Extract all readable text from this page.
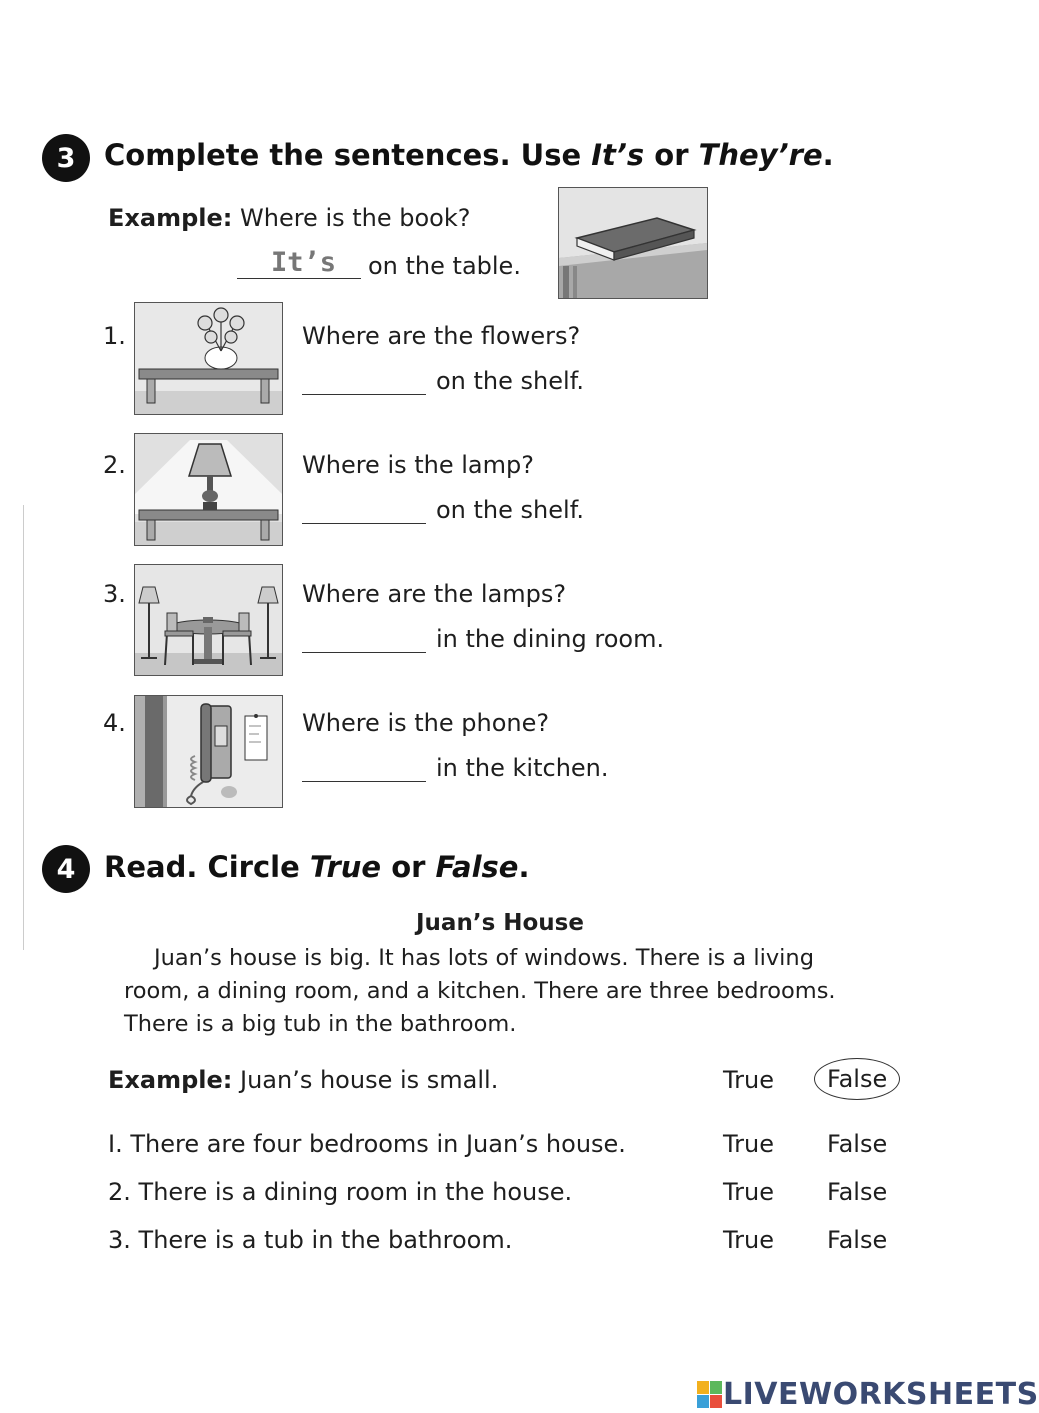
3 Complete the sentences. Use It’s or They’re.
Example: Where is the book?
It’s on the table.
1.	Where are the flowers?
on the shelf.
2.	Where is the lamp?
on the shelf.
3.	Where are the lamps?
in the dining room.
4.	Where is the phone?
in the kitchen.
4 Read. Circle True or False.
Juan’s House
Juan’s house is big. It has lots of windows. There is a living
room, a dining room, and a kitchen. There are three bedrooms.
There is a big tub in the bathroom.
Example: Juan’s house is small.	True	False
I. There are four bedrooms in Juan’s house.	True False
2. There is a dining room in the house.	True False
3. There is a tub in the bathroom.	True False
LIVEWORKSHEETS
